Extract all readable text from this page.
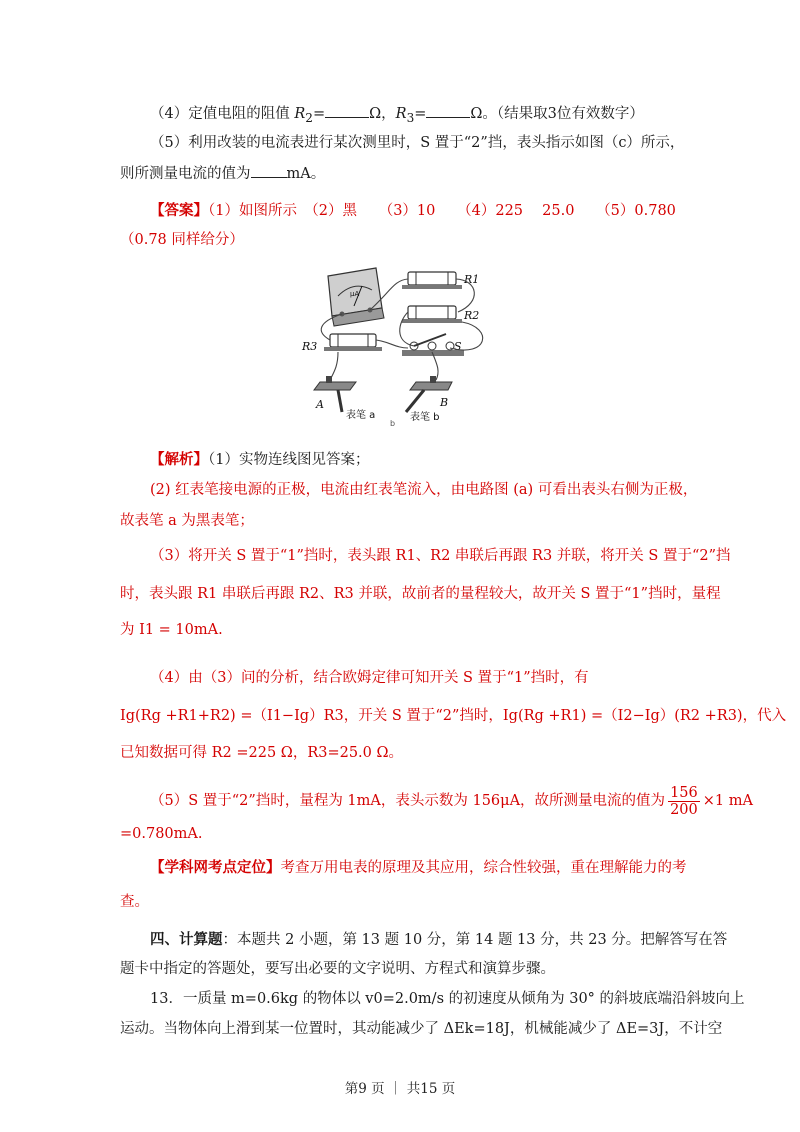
（4）定值电阻的阻值 $R_2=$	Ω，$R_3=$	Ω。（结果取3位有效数字）
（5）利用改装的电流表进行某次测里时，S 置于“2”挡，表头指示如图（c）所示，
则所测量电流的值为 mA。
【答案】（1）如图所示　（2）黑　　（3）10　　（4）225　 25.0　　（5）0.780
（0.78 同样给分）
μA
R1
R2
R3	S
A	B
表笔 a	表笔 b
b
【解析】（1）实物连线图见答案；
(2) 红表笔接电源的正极，电流由红表笔流入，由电路图 (a) 可看出表头右侧为正极，
故表笔 a 为黑表笔；
（3）将开关 S 置于“1”挡时，表头跟 R1、R2 串联后再跟 R3 并联，将开关 S 置于“2”挡
时，表头跟 R1 串联后再跟 R2、R3 并联，故前者的量程较大，故开关 S 置于“1”挡时，量程
为 I1 = 10mA.
（4）由（3）问的分析，结合欧姆定律可知开关 S 置于“1”挡时，有
Ig(Rg +R1+R2) =（I1−Ig）R3，开关 S 置于“2”挡时，Ig(Rg +R1) =（I2−Ig）(R2 +R3)，代入
已知数据可得 R2 =225 Ω，R3=25.0 Ω。
（5）S 置于“2”挡时，量程为 1mA，表头示数为 156μA，故所测量电流的值为 $\frac{156}{200} \times 1$ mA
=0.780mA.
【学科网考点定位】考查万用电表的原理及其应用，综合性较强，重在理解能力的考
查。
四、计算题：本题共 2 小题，第 13 题 10 分，第 14 题 13 分，共 23 分。把解答写在答
题卡中指定的答题处，要写出必要的文字说明、方程式和演算步骤。
13．一质量 m=0.6kg 的物体以 v0=2.0m/s 的初速度从倾角为 30° 的斜坡底端沿斜坡向上
运动。当物体向上滑到某一位置时，其动能减少了 ΔEk=18J，机械能减少了 ΔE=3J，不计空
第9 页 ｜ 共15 页
